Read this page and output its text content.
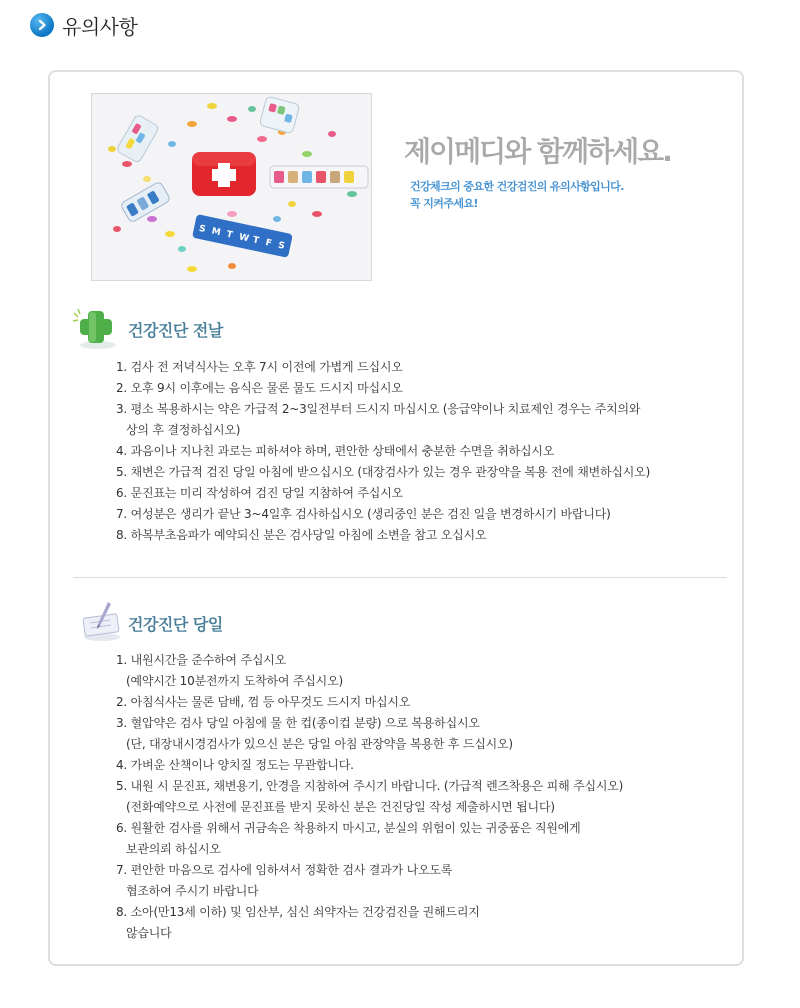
유의사항
S M T W T F S
제이메디와 함께하세요.
건강체크의 중요한 건강검진의 유의사항입니다.
꼭 지켜주세요!
건강진단 전날
1. 검사 전 저녁식사는 오후 7시 이전에 가볍게 드십시오
2. 오후 9시 이후에는 음식은 물론 물도 드시지 마십시오
3. 평소 복용하시는 약은 가급적 2~3일전부터 드시지 마십시오 (응급약이나 치료제인 경우는 주치의와
상의 후 결정하십시오)
4. 과음이나 지나친 과로는 피하셔야 하며, 편안한 상태에서 충분한 수면을 취하십시오
5. 채변은 가급적 검진 당일 아침에 받으십시오 (대장검사가 있는 경우 관장약을 복용 전에 채변하십시오)
6. 문진표는 미리 작성하여 검진 당일 지참하여 주십시오
7. 여성분은 생리가 끝난 3~4일후 검사하십시오 (생리중인 분은 검진 일을 변경하시기 바랍니다)
8. 하복부초음파가 예약되신 분은 검사당일 아침에 소변을 참고 오십시오
건강진단 당일
1. 내원시간을 준수하여 주십시오
(예약시간 10분전까지 도착하여 주십시오)
2. 아침식사는 물론 담배, 껌 등 아무것도 드시지 마십시오
3. 혈압약은 검사 당일 아침에 물 한 컵(종이컵 분량) 으로 복용하십시오
(단, 대장내시경검사가 있으신 분은 당일 아침 관장약을 복용한 후 드십시오)
4. 가벼운 산책이나 양치질 정도는 무관합니다.
5. 내원 시 문진표, 채변용기, 안경을 지참하여 주시기 바랍니다. (가급적 렌즈착용은 피해 주십시오)
(전화예약으로 사전에 문진표를 받지 못하신 분은 건진당일 작성 제출하시면 됩니다)
6. 원활한 검사를 위해서 귀금속은 착용하지 마시고, 분실의 위험이 있는 귀중품은 직원에게
보관의뢰 하십시오
7. 편안한 마음으로 검사에 임하셔서 정확한 검사 결과가 나오도록
협조하여 주시기 바랍니다
8. 소아(만13세 이하) 및 임산부, 심신 쇠약자는 건강검진을 권해드리지
않습니다
